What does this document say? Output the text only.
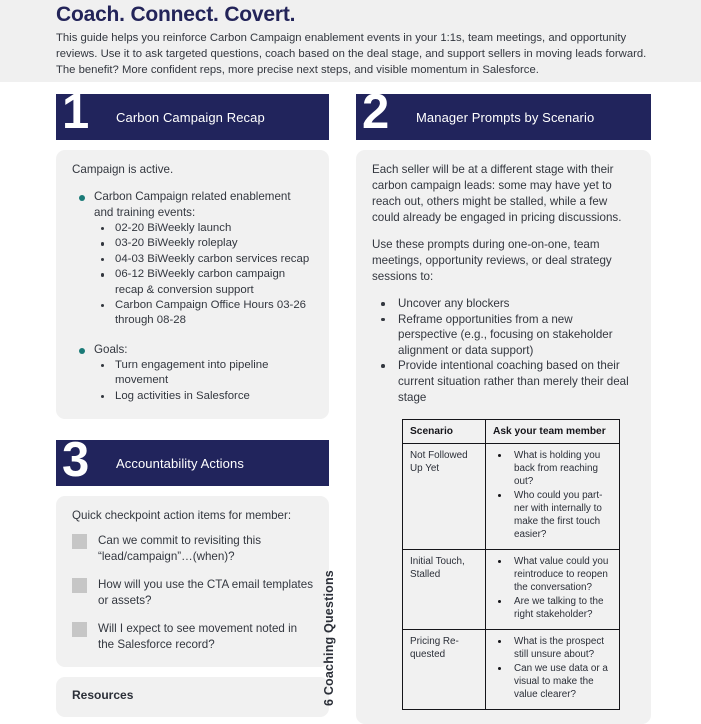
Coach. Connect. Covert.
This guide helps you reinforce Carbon Campaign enablement events in your 1:1s, team meetings, and opportunity reviews. Use it to ask targeted questions, coach based on the deal stage, and support sellers in moving leads forward. The benefit? More confident reps, more precise next steps, and visible momentum in Salesforce.
1 Carbon Campaign Recap

Campaign is active.

Carbon Campaign related enablement and training events:
02-20 BiWeekly launch
03-20 BiWeekly roleplay
04-03 BiWeekly carbon services recap
06-12 BiWeekly carbon campaign recap & conversion support
Carbon Campaign Office Hours 03-26 through 08-28
Goals:
Turn engagement into pipeline movement
Log activities in Salesforce
3 Accountability Actions

Quick checkpoint action items for member:

Can we commit to revisiting this “lead/campaign”…(when)?
How will you use the CTA email templates or assets?
Will I expect to see movement noted in the Salesforce record?
Resources
2 Manager Prompts by Scenario

Each seller will be at a different stage with their carbon campaign leads: some may have yet to reach out, others might be stalled, while a few could already be engaged in pricing discussions.

Use these prompts during one-on-one, team meetings, opportunity reviews, or deal strategy sessions to:

Uncover any blockers
Reframe opportunities from a new perspective (e.g., focusing on stakeholder alignment or data support)
Provide intentional coaching based on their current situation rather than merely their deal stage
6 Coaching Questions
Scenario	Ask your team member
Not Followed Up Yet	
What is holding you back from reaching out?
Who could you part-ner with internally to make the first touch easier?

Initial Touch, Stalled	
What value could you reintroduce to reopen the conversation?
Are we talking to the right stakeholder?

Pricing Re-quested	
What is the prospect still unsure about?
Can we use data or a visual to make the value clearer?
